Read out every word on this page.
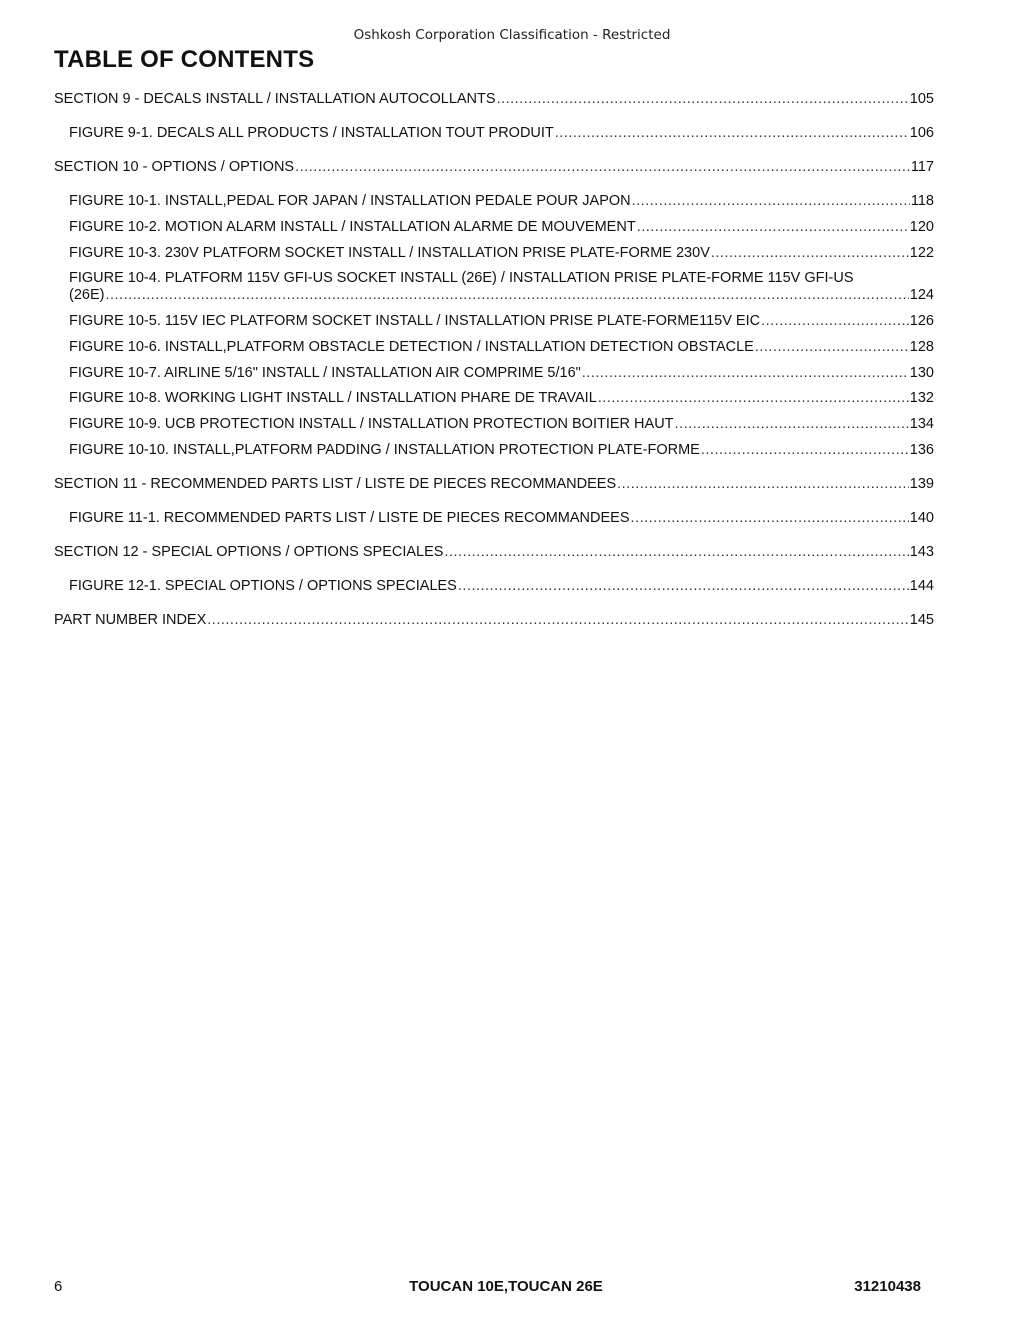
Oshkosh Corporation Classification - Restricted
TABLE OF CONTENTS
SECTION 9 - DECALS INSTALL / INSTALLATION AUTOCOLLANTS .....	105
FIGURE 9-1. DECALS ALL PRODUCTS / INSTALLATION TOUT PRODUIT .....	106
SECTION 10 - OPTIONS / OPTIONS .....	117
FIGURE 10-1. INSTALL,PEDAL FOR JAPAN / INSTALLATION PEDALE POUR JAPON .....	118
FIGURE 10-2. MOTION ALARM INSTALL / INSTALLATION ALARME DE MOUVEMENT .....	120
FIGURE 10-3. 230V PLATFORM SOCKET INSTALL / INSTALLATION PRISE PLATE-FORME 230V .....	122
FIGURE 10-4. PLATFORM 115V GFI-US SOCKET INSTALL (26E) / INSTALLATION PRISE PLATE-FORME 115V GFI-US
(26E) .....	124
FIGURE 10-5. 115V IEC PLATFORM SOCKET INSTALL / INSTALLATION PRISE PLATE-FORME115V EIC .....	126
FIGURE 10-6. INSTALL,PLATFORM OBSTACLE DETECTION / INSTALLATION DETECTION OBSTACLE .....	128
FIGURE 10-7. AIRLINE 5/16" INSTALL / INSTALLATION AIR COMPRIME 5/16" .....	130
FIGURE 10-8. WORKING LIGHT INSTALL / INSTALLATION PHARE DE TRAVAIL .....	132
FIGURE 10-9. UCB PROTECTION INSTALL / INSTALLATION PROTECTION BOITIER HAUT .....	134
FIGURE 10-10. INSTALL,PLATFORM PADDING / INSTALLATION PROTECTION PLATE-FORME .....	136
SECTION 11 - RECOMMENDED PARTS LIST / LISTE DE PIECES RECOMMANDEES .....	139
FIGURE 11-1. RECOMMENDED PARTS LIST / LISTE DE PIECES RECOMMANDEES .....	140
SECTION 12 - SPECIAL OPTIONS / OPTIONS SPECIALES .....	143
FIGURE 12-1. SPECIAL OPTIONS / OPTIONS SPECIALES .....	144
PART NUMBER INDEX .....	145
6	TOUCAN 10E,TOUCAN 26E	31210438
